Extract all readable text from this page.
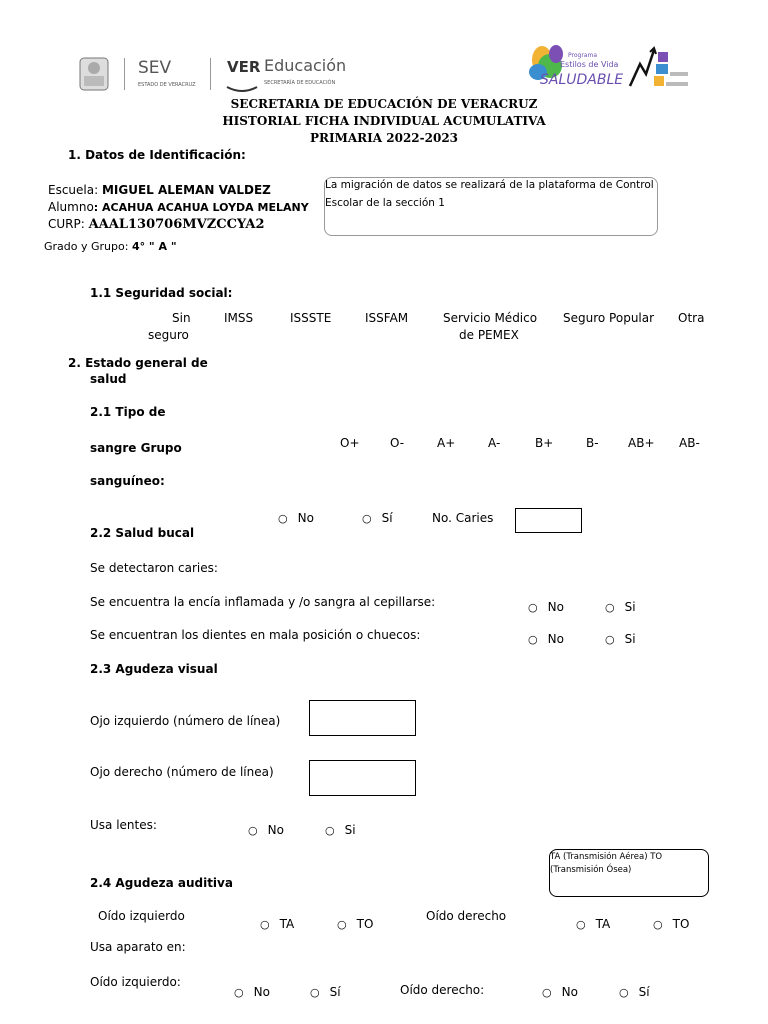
SEV
ESTADO DE VERACRUZ
VER Educación
SECRETARÍA DE EDUCACIÓN
Programa
Estilos de Vida
SALUDABLE
SECRETARIA DE EDUCACIÓN DE VERACRUZ
HISTORIAL FICHA INDIVIDUAL ACUMULATIVA
PRIMARIA 2022-2023
1. Datos de Identificación:
Escuela: MIGUEL ALEMAN VALDEZ
Alumno: ACAHUA ACAHUA LOYDA MELANY
CURP: AAAL130706MVZCCYA2
Grado y Grupo: 4° " A "
La migración de datos se realizará de la plataforma de Control
Escolar de la sección 1
1.1 Seguridad social:
Sin
seguro
IMSS	ISSSTE	ISSFAM	Servicio Médico
de PEMEX
Seguro Popular Otra
2. Estado general de
salud
2.1 Tipo de
sangre Grupo
sanguíneo:
O+	O-	A+	A-	B+	B- AB+ AB-
○ No	○ Sí	No. Caries
2.2 Salud bucal
Se detectaron caries:
Se encuentra la encía inflamada y /o sangra al cepillarse:	○ No	○ Si
Se encuentran los dientes en mala posición o chuecos:	○ No	○ Si
2.3 Agudeza visual
Ojo izquierdo (número de línea)
Ojo derecho (número de línea)
Usa lentes:	○ No	○ Si
2.4 Agudeza auditiva
TA (Transmisión Aérea) TO
(Transmisión Ósea)
Oído izquierdo
○ TA	○ TO
Oído derecho
○ TA	○ TO
Usa aparato en:
Oído izquierdo:
○ No	○ Sí	Oído derecho:	○ No	○ Sí
